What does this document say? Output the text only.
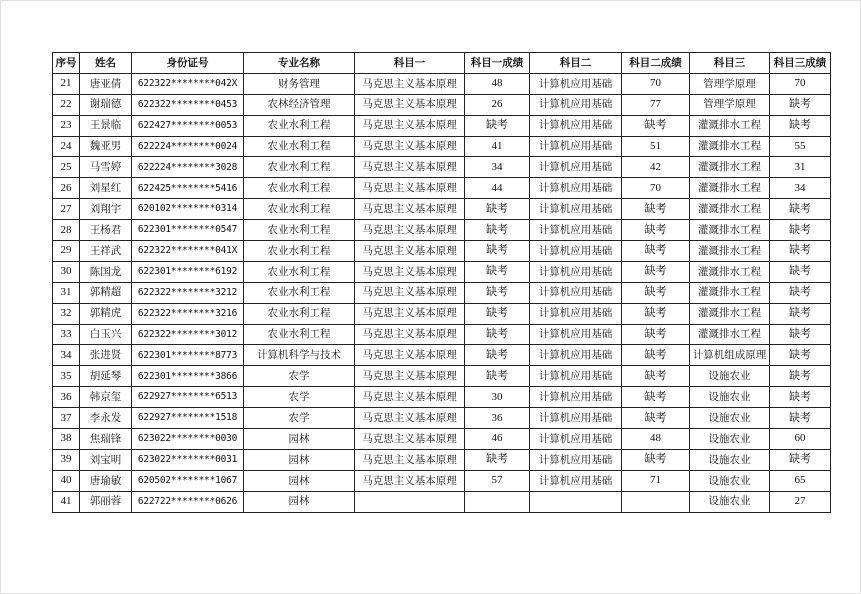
序号	姓名	身份证号	专业名称	科目一	科目一成绩	科目二	科目二成绩	科目三	科目三成绩
21	唐亚倩	622322********042X	财务管理	马克思主义基本原理	48	计算机应用基础	70	管理学原理	70
22	谢瑞德	622322********0453	农林经济管理	马克思主义基本原理	26	计算机应用基础	77	管理学原理	缺考
23	王景临	622427********0053	农业水利工程	马克思主义基本原理	缺考	计算机应用基础	缺考	灌溉排水工程	缺考
24	魏亚男	622224********0024	农业水利工程	马克思主义基本原理	41	计算机应用基础	51	灌溉排水工程	55
25	马雪婷	622224********3028	农业水利工程	马克思主义基本原理	34	计算机应用基础	42	灌溉排水工程	31
26	刘星红	622425********5416	农业水利工程	马克思主义基本原理	44	计算机应用基础	70	灌溉排水工程	34
27	刘翔宇	620102********0314	农业水利工程	马克思主义基本原理	缺考	计算机应用基础	缺考	灌溉排水工程	缺考
28	王杨君	622301********0547	农业水利工程	马克思主义基本原理	缺考	计算机应用基础	缺考	灌溉排水工程	缺考
29	王祥武	622322********041X	农业水利工程	马克思主义基本原理	缺考	计算机应用基础	缺考	灌溉排水工程	缺考
30	陈国龙	622301********6192	农业水利工程	马克思主义基本原理	缺考	计算机应用基础	缺考	灌溉排水工程	缺考
31	郭精超	622322********3212	农业水利工程	马克思主义基本原理	缺考	计算机应用基础	缺考	灌溉排水工程	缺考
32	郭精虎	622322********3216	农业水利工程	马克思主义基本原理	缺考	计算机应用基础	缺考	灌溉排水工程	缺考
33	白玉兴	622322********3012	农业水利工程	马克思主义基本原理	缺考	计算机应用基础	缺考	灌溉排水工程	缺考
34	张进贤	622301********8773	计算机科学与技术	马克思主义基本原理	缺考	计算机应用基础	缺考	计算机组成原理	缺考
35	胡延琴	622301********3866	农学	马克思主义基本原理	缺考	计算机应用基础	缺考	设施农业	缺考
36	韩京玺	622927********6513	农学	马克思主义基本原理	30	计算机应用基础	缺考	设施农业	缺考
37	李永发	622927********1518	农学	马克思主义基本原理	36	计算机应用基础	缺考	设施农业	缺考
38	焦瑞锋	623022********0030	园林	马克思主义基本原理	46	计算机应用基础	48	设施农业	60
39	刘宝明	623022********0031	园林	马克思主义基本原理	缺考	计算机应用基础	缺考	设施农业	缺考
40	唐瑜敏	620502********1067	园林	马克思主义基本原理	57	计算机应用基础	71	设施农业	65
41	郭丽蓉	622722********0626	园林					设施农业	27
